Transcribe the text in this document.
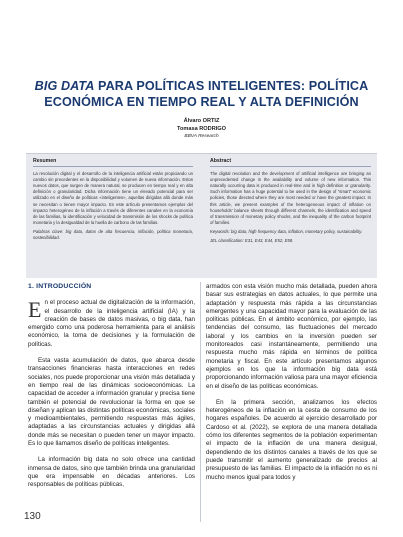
BIG DATA PARA POLÍTICAS INTELIGENTES: POLÍTICA ECONÓMICA EN TIEMPO REAL Y ALTA DEFINICIÓN
Álvaro ORTIZ
Tomasa RODRIGO
BBVA Research
Resumen
La revolución digital y el desarrollo de la inteligencia artificial están propiciando un cambio sin precedentes en la disponibilidad y volumen de nueva información. Estos nuevos datos, que surgen de manera natural, se producen en tiempo real y en alta definición o granularidad. Dicha información tiene un elevado potencial para ser utilizado en el diseño de políticas «inteligentes», aquellas dirigidas allá donde más se necesitan o tienen mayor impacto. En este artículo presentamos ejemplos del impacto heterogéneo de la inflación a través de diferentes canales en la economía de las familias, la identificación y velocidad de transmisión de los shocks de política monetaria y la desigualdad de la huella de carbono de las familias.
Palabras clave: big data, datos de alta frecuencia, inflación, política monetaria, sostenibilidad.
Abstract
The digital revolution and the development of artificial intelligence are bringing an unprecedented change in the availability and volume of new information. This naturally occurring data is produced in real-time and in high definition or granularity. Such information has a huge potential to be used in the design of “smart” economic policies, those directed where they are most needed or have the greatest impact. In this article, we present examples of the heterogeneous impact of inflation on households' balance sheets through different channels, the identification and speed of transmission of monetary policy shocks, and the inequality of the carbon footprint of families.
Keywords: big data, high frequency data, inflation, monetary policy, sustainability.
JEL classification: E31, E43, E44, E52, E58.
1. INTRODUCCIÓN

En el proceso actual de digitalización de la información, el desarrollo de la inteligencia artificial (IA) y la creación de bases de datos masivas, o big data, han emergido como una poderosa herramienta para el análisis económico, la toma de decisiones y la formulación de políticas.

Esta vasta acumulación de datos, que abarca desde transacciones financieras hasta interacciones en redes sociales, nos puede proporcionar una visión más detallada y en tiempo real de las dinámicas socioeconómicas. La capacidad de acceder a información granular y precisa tiene también el potencial de revolucionar la forma en que se diseñan y aplican las distintas políticas económicas, sociales y medioambientales, permitiendo respuestas más ágiles, adaptadas a las circunstancias actuales y dirigidas allá donde más se necesitan o pueden tener un mayor impacto. Es lo que llamamos diseño de políticas inteligentes.

La información big data no solo ofrece una cantidad inmensa de datos, sino que también brinda una granularidad que era impensable en décadas anteriores. Los responsables de políticas públicas,

armados con esta visión mucho más detallada, pueden ahora basar sus estrategias en datos actuales, lo que permite una adaptación y respuesta más rápida a las circunstancias emergentes y una capacidad mayor para la evaluación de las políticas públicas. En el ámbito económico, por ejemplo, las tendencias del consumo, las fluctuaciones del mercado laboral y los cambios en la inversión pueden ser monitoreados casi instantáneamente, permitiendo una respuesta mucho más rápida en términos de política monetaria y fiscal. En este artículo presentamos algunos ejemplos en los que la información big data está proporcionando información valiosa para una mayor eficiencia en el diseño de las políticas económicas.

En la primera sección, analizamos los efectos heterogéneos de la inflación en la cesta de consumo de los hogares españoles. De acuerdo al ejercicio desarrollado por Cardoso et al. (2022), se explora de una manera detallada cómo los diferentes segmentos de la población experimentan el impacto de la inflación de una manera desigual, dependiendo de los distintos canales a través de los que se puede transmitir el aumento generalizado de precios al presupuesto de las familias. El impacto de la inflación no es ni mucho menos igual para todos y

130
